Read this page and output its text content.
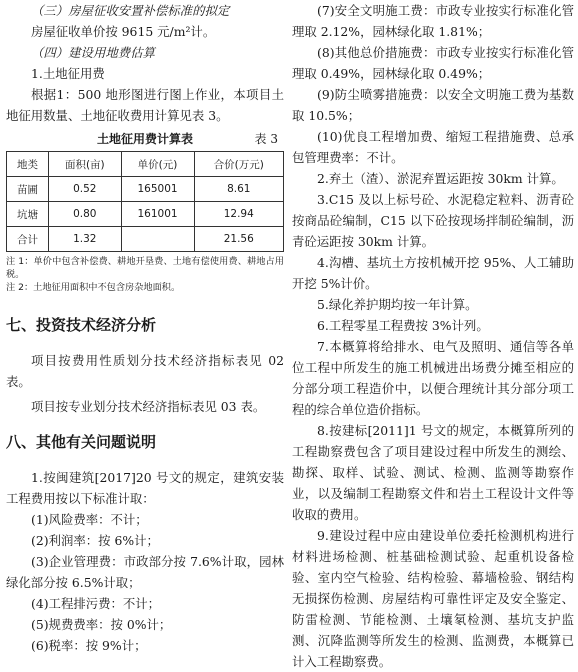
（三）房屋征收安置补偿标准的拟定

房屋征收单价按 9615 元/m²计。

（四）建设用地费估算

1.土地征用费

根据1：500 地形图进行图上作业，本项目土地征用数量、土地征收费用计算见表 3。

土地征用费计算表	表 3
地类	面积(亩)	单价(元)	合价(万元)
苗圃	0.52	165001	8.61
坑塘	0.80	161001	12.94
合计	1.32		21.56

注 1：单价中包含补偿费、耕地开垦费、土地有偿使用费、耕地占用税。

注 2：土地征用面积中不包含房杂地面积。

七、投资技术经济分析

项目按费用性质划分技术经济指标表见 02 表。

项目按专业划分技术经济指标表见 03 表。

八、其他有关问题说明

1.按闽建筑[2017]20 号文的规定，建筑安装工程费用按以下标准计取：

(1)风险费率：不计；

(2)利润率：按 6%计；

(3)企业管理费：市政部分按 7.6%计取，园林绿化部分按 6.5%计取；

(4)工程排污费：不计；

(5)规费费率：按 0%计；

(6)税率：按 9%计；

(7)安全文明施工费：市政专业按实行标准化管理取 2.12%，园林绿化取 1.81%；

(8)其他总价措施费：市政专业按实行标准化管理取 0.49%，园林绿化取 0.49%；

(9)防尘喷雾措施费：以安全文明施工费为基数取 10.5%；

(10)优良工程增加费、缩短工程措施费、总承包管理费率：不计。

2.弃土（渣）、淤泥弃置运距按 30km 计算。

3.C15 及以上标号砼、水泥稳定粒料、沥青砼按商品砼编制，C15 以下砼按现场拌制砼编制，沥青砼运距按 30km 计算。

4.沟槽、基坑土方按机械开挖 95%、人工辅助开挖 5%计价。

5.绿化养护期均按一年计算。

6.工程零星工程费按 3%计列。

7.本概算将给排水、电气及照明、通信等各单位工程中所发生的施工机械进出场费分摊至相应的分部分项工程造价中，以便合理统计其分部分项工程的综合单位造价指标。

8.按建标[2011]1 号文的规定，本概算所列的工程勘察费包含了项目建设过程中所发生的测绘、勘探、取样、试验、测试、检测、监测等勘察作业，以及编制工程勘察文件和岩土工程设计文件等收取的费用。

9.建设过程中应由建设单位委托检测机构进行材料进场检测、桩基础检测试验、起重机设备检验、室内空气检验、结构检验、幕墙检验、钢结构无损探伤检测、房屋结构可靠性评定及安全鉴定、防雷检测、节能检测、土壤氡检测、基坑支护监测、沉降监测等所发生的检测、监测费，本概算已计入工程勘察费。
